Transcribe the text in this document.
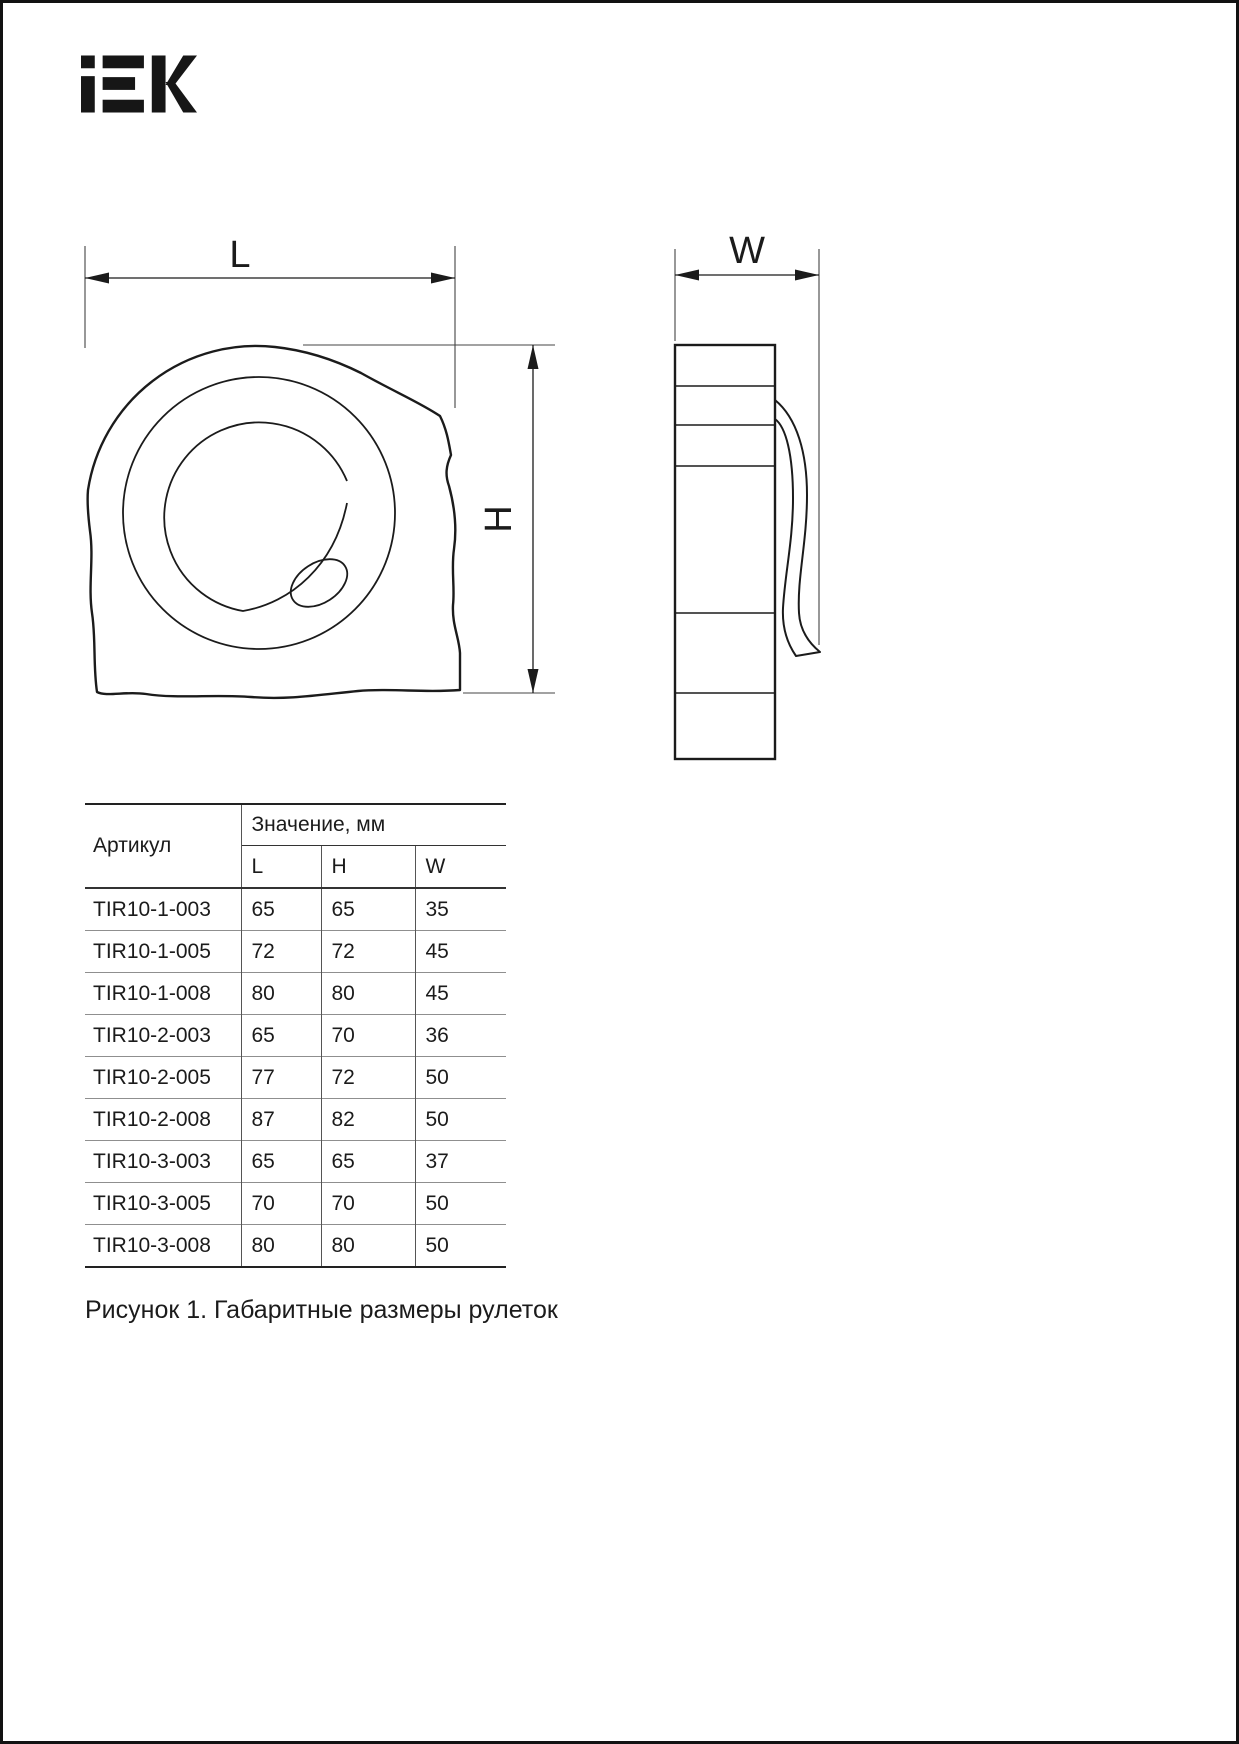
L
H
W
Артикул	Значение, мм		
	L	H	W
TIR10-1-003	65	65	35
TIR10-1-005	72	72	45
TIR10-1-008	80	80	45
TIR10-2-003	65	70	36
TIR10-2-005	77	72	50
TIR10-2-008	87	82	50
TIR10-3-003	65	65	37
TIR10-3-005	70	70	50
TIR10-3-008	80	80	50
Рисунок 1. Габаритные размеры рулеток
